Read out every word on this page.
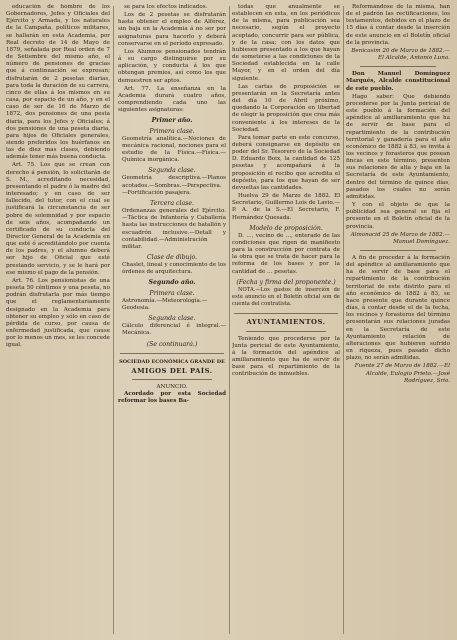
educación de hombre de los Gobernadores, Jefes y Oficiales del Ejército y Armada, y los naturales de la Campaña, políticos militares, se hallarán en esta Academia, por Real decreto de 14 de Mayo de 1879, señalada por Real orden de 7 de Setiembre del mismo año, el número de pensiones de gracias que á continuación se expresan; disfrutarán de 2 pesetas diarias, para toda la duración de su carrera, cinco de ellas á los mismos en su casa, por espacio de un año, y en el caso de ser de 16 de Marzo de 1872, dos pensiones de una pesta diaria, para los Jefes y Oficiales; á dos pensiones de una peseta diaria, para hijos de Oficiales generales, siendo preferidos los huérfanos en las de diez mas clases, debiendo además tener más buena conducta.

Art. 75. Los que se crean con derecho á pensión, lo solicitarán de S. M., acreditando necesidad, presentando el padre ó la madre del interesado; y en caso de ser fallecido, del tutor, con el cual se justificará la circunstancia de ser pobre de solemnidad y por espacio de seis años, acompañando un certificado de su conducta del Director General de la Academia en que esté ó acreditándolo por cuenta de los padres, y el alumno deberá ser hijo de Oficial que esté prestando servicio, y se le hará por ese mismo el pago de la pensión.

Art. 76. Los pensionistas de una peseta 50 céntimos y una peseta, no podrán disfrutarla por más tiempo que el reglamentariamente designado en la Academia para obtener su empleo y sólo en caso de pérdida de curso, por causa de enfermedad justificada, que cause por lo menos un mes, se les concede igual.

se para los efectos indicados.

Los de 2 pesetas se disfrutarán hasta obtener el empleo de Alférez, sin baja en la Academia á no ser por asignaturas para hacerlo y deberá conservarse en el período expresado.

Los Alumnos pensionados tendrán á su cargo distinguirse por su aplicación, y conducta á los que obtengan premios, así como los que demuestren ser aptos.

Art. 77. La enseñanza en la Academia durará cuatro años, comprendiendo cada uno las siguientes asignaturas:

Primer año.
Primera clase.

Geometría analítica.—Nociones de mecánica racional, nociones para el estudio de la Física.—Física.—Química inorgánica.

Segunda clase.

Geometría descriptiva.—Planos acotados.—Sombras.—Perspectiva.—Fortificación pasajera.

Tercera clase.

Ordenanzas generales del Ejército.—Táctica de Infantería y Caballería hasta las instrucciones de batallón y escuadrón inclusive.—Detall y contabilidad.—Administración militar.

Clase de dibujo.

Chaslet, lineal y conocimiento de los órdenes de arquitectura.

Segundo año.
Primera clase.

Astronomía.—Meteorología.—Geodesia.

Segunda clase.

Cálculo diferencial é integral.—Mecánica.

(Se continuará.)
SOCIEDAD ECONÓMICA GRANDE DE
AMIGOS DEL PAÍS.
ANUNCIO.

Acordado por esta Sociedad reformar los bases Ba-

todas que anualmente se establecen en esta, en los periódicos de la misma, para publicación sea necesario, según el proyecto aceptado, concurrir para ser pública, y de la casa; con los datos que hubiesen presentado a los que hayan de someterse a las condiciones de la Sociedad establecida en la calle Mayor, y en el orden del día siguiente.

Las cartas de proposición se presentarán en la Secretaría antes del día 10 de Abril próximo, quedando la Corporación en libertad de elegir la proposición que crea más conveniente á los intereses de la Sociedad.

Para tomar parte en este concurso, deberá consignarse en depósito en poder del Sr. Tesorero de la Sociedad D. Eduardo Boix, la cantidad de 125 pesetas y acompañará á la proposición el recibo que acredita el depósito, para los que hayan de ser devueltas las cantidades.

Huelva 29 de Marzo de 1882. El Secretario, Guillermo Lois de Lavio.—P. A. de la S.—El Secretario, F. Hernández Quesada.

Modelo de proposición.

D. ..., vecino de ..., enterado de las condiciones que rigen de manifiesto para la construcción por contrata de la obra que se trata de hacer para la reforma de los bases y por la cantidad de ... pesetas.

(Fecha y firma del proponente.)

NOTA.—Los gastos de inserción de este anuncio en el Boletín oficial son de cuenta del contratista.

AYUNTAMIENTOS.

Teniendo que procederse por la Junta pericial de este Ayuntamiento, á la formación del apéndice al amillaramiento que ha de servir de base para el repartimiento de la contribución de inmuebles.

Reformándose de la misma, han de el padrón las rectificaciones, los testamentos, debidos en el plazo de 15 días á contar desde la inserción de este anuncio en el Boletín oficial de la provincia.

Benicasim 20 de Marzo de 1882.—El Alcalde, Antonio Luna.

Don Manuel Domínguez Marqués, Alcalde constitucional de este pueblo.

Hago saber: Que debiendo procederse por la Junta pericial de este pueblo á la formación del apéndice al amillaramiento que ha de servir de base para el repartimiento de la contribución territorial y ganadería para el año económico de 1882 á 83, se invita á los vecinos y forasteros que posean fincas en este término, presenten sus relaciones de alta y baja en la Secretaría de este Ayuntamiento, dentro del término de quince días, pasados los cuales no serán admitidas.

Y con el objeto de que la publicidad sea general se fija el presente en el Boletín oficial de la provincia.

Almonacid 25 de Marzo de 1882.—Manuel Domínguez.

A fin de proceder á la formación del apéndice al amillaramiento que ha de servir de base para el repartimiento de la contribución territorial de este distrito para el año económico de 1882 á 83, se hace presente que durante quince días, á contar desde el de la fecha, los vecinos y forasteros del término presentarán sus relaciones juradas en la Secretaría de este Ayuntamiento relación de alteraciones que hubieren sufrido en riqueza, pues pasado dicho plazo, no serán admitidas.

Fuente 27 de Marzo de 1882.—El Alcalde, Eulogio Prieto.—José Rodríguez, Srio.
